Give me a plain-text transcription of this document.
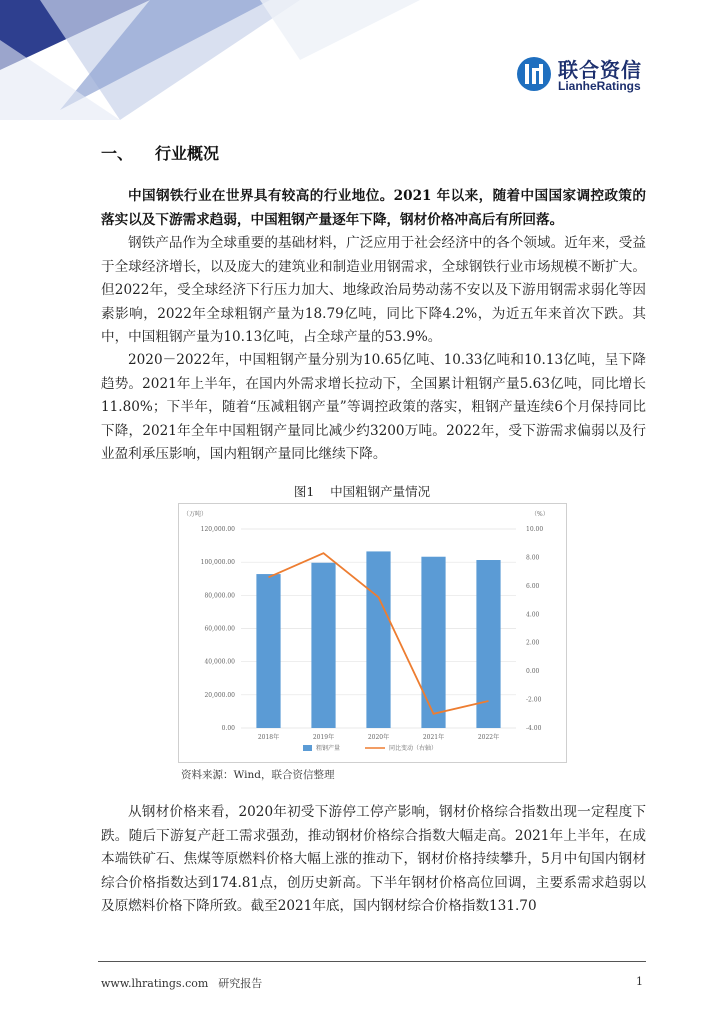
联合资信
LianheRatings
一、 行业概况

中国钢铁行业在世界具有较高的行业地位。2021 年以来，随着中国国家调控政策的落实以及下游需求趋弱，中国粗钢产量逐年下降，钢材价格冲高后有所回落。

钢铁产品作为全球重要的基础材料，广泛应用于社会经济中的各个领域。近年来，受益于全球经济增长，以及庞大的建筑业和制造业用钢需求，全球钢铁行业市场规模不断扩大。但2022年，受全球经济下行压力加大、地缘政治局势动荡不安以及下游用钢需求弱化等因素影响，2022年全球粗钢产量为18.79亿吨，同比下降4.2%，为近五年来首次下跌。其中，中国粗钢产量为10.13亿吨，占全球产量的53.9%。

2020－2022年，中国粗钢产量分别为10.65亿吨、10.33亿吨和10.13亿吨，呈下降趋势。2021年上半年，在国内外需求增长拉动下，全国累计粗钢产量5.63亿吨，同比增长11.80%；下半年，随着“压减粗钢产量”等调控政策的落实，粗钢产量连续6个月保持同比下降，2021年全年中国粗钢产量同比减少约3200万吨。2022年，受下游需求偏弱以及行业盈利承压影响，国内粗钢产量同比继续下降。

图1    中国粗钢产量情况
0.00
20,000.00
40,000.00
60,000.00
80,000.00
100,000.00
120,000.00
-4.00
-2.00
0.00
2.00
4.00
6.00
8.00
10.00
（万吨）	（%）
2018年	2019年	2020年	2021年	2022年
粗钢产量	同比变动（右轴）
资料来源：Wind，联合资信整理

从钢材价格来看，2020年初受下游停工停产影响，钢材价格综合指数出现一定程度下跌。随后下游复产赶工需求强劲，推动钢材价格综合指数大幅走高。2021年上半年，在成本端铁矿石、焦煤等原燃料价格大幅上涨的推动下，钢材价格持续攀升，5月中旬国内钢材综合价格指数达到174.81点，创历史新高。下半年钢材价格高位回调，主要系需求趋弱以及原燃料价格下降所致。截至2021年底，国内钢材综合价格指数131.70

www.lhratings.com 研究报告	1
